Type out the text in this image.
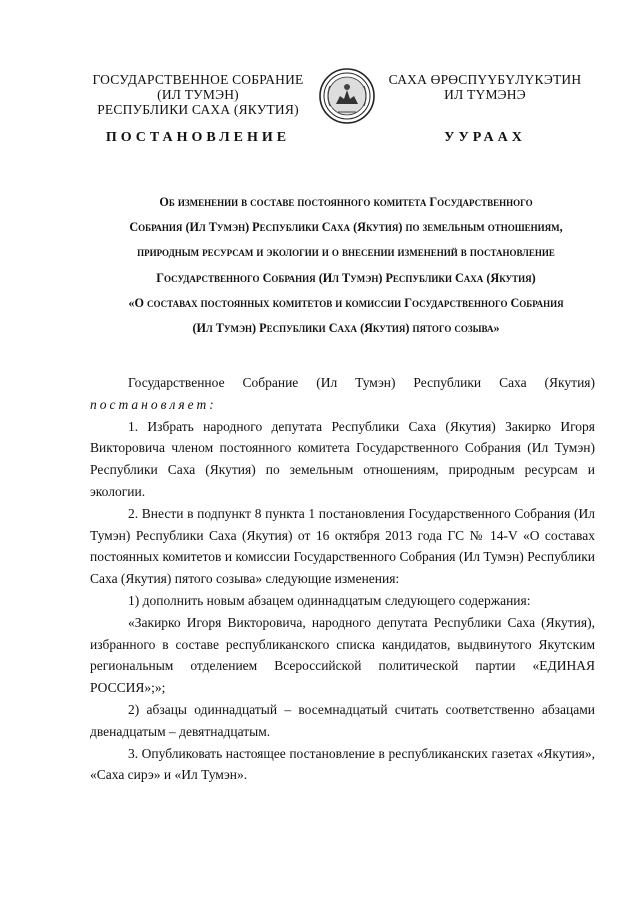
ГОСУДАРСТВЕННОЕ СОБРАНИЕ
(ИЛ ТУМЭН)
РЕСПУБЛИКИ САХА (ЯКУТИЯ)
САХА ӨРӨСПҮҮБҮЛҮКЭТИН
ИЛ ТҮМЭНЭ
ПОСТАНОВЛЕНИЕ	УУРААХ
Об изменении в составе постоянного комитета Государственного
Собрания (Ил Тумэн) Республики Саха (Якутия) по земельным отношениям,
природным ресурсам и экологии и о внесении изменений в постановление
Государственного Собрания (Ил Тумэн) Республики Саха (Якутия)
«О составах постоянных комитетов и комиссии Государственного Собрания
(Ил Тумэн) Республики Саха (Якутия) пятого созыва»

Государственное Собрание (Ил Тумэн) Республики Саха (Якутия)

постановляет:

1. Избрать народного депутата Республики Саха (Якутия) Закирко Игоря Викторовича членом постоянного комитета Государственного Собрания (Ил Тумэн) Республики Саха (Якутия) по земельным отношениям, природным ресурсам и экологии.

2. Внести в подпункт 8 пункта 1 постановления Государственного Собрания (Ил Тумэн) Республики Саха (Якутия) от 16 октября 2013 года ГС № 14-V «О составах постоянных комитетов и комиссии Государственного Собрания (Ил Тумэн) Республики Саха (Якутия) пятого созыва» следующие изменения:

1) дополнить новым абзацем одиннадцатым следующего содержания:

«Закирко Игоря Викторовича, народного депутата Республики Саха (Якутия), избранного в составе республиканского списка кандидатов, выдвинутого Якутским региональным отделением Всероссийской политической партии «ЕДИНАЯ РОССИЯ»;»;

2) абзацы одиннадцатый – восемнадцатый считать соответственно абзацами двенадцатым – девятнадцатым.

3. Опубликовать настоящее постановление в республиканских газетах «Якутия», «Саха сирэ» и «Ил Тумэн».
